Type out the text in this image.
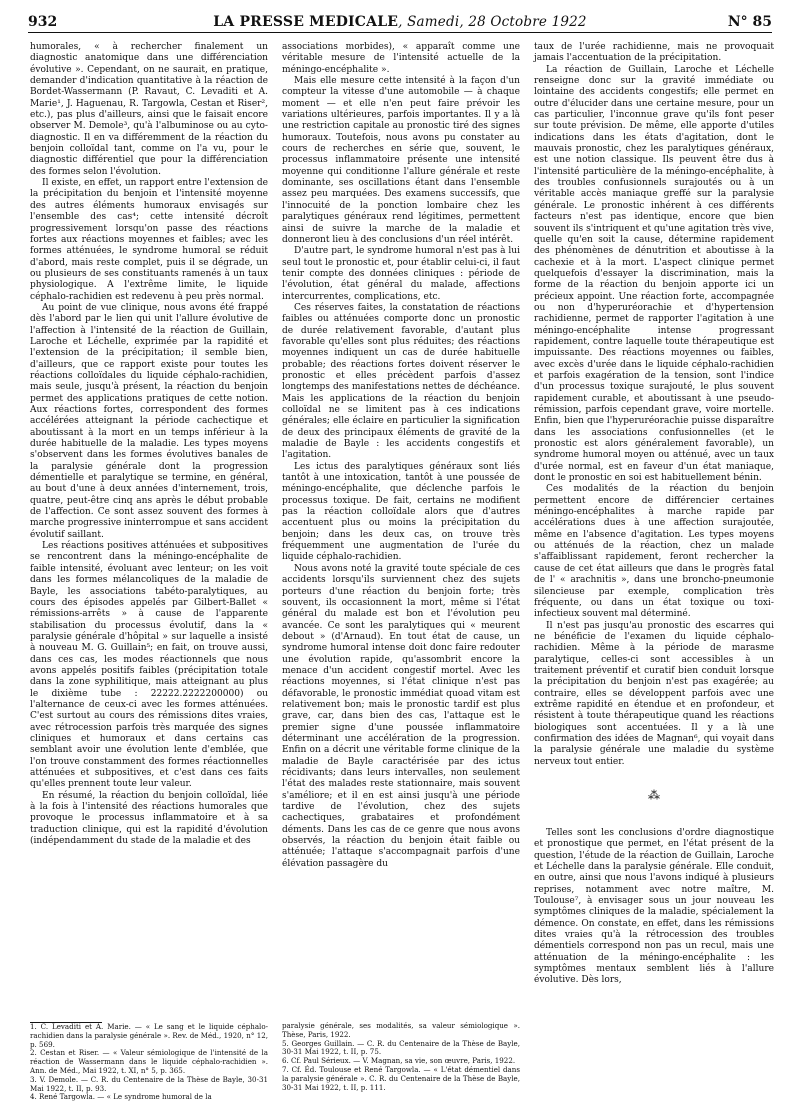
932	LA PRESSE MEDICALE, Samedi, 28 Octobre 1922	N° 85

humorales, « à rechercher finalement un diagnostic anatomique dans une différenciation évolutive ». Cependant, on ne saurait, en pratique, demander d'indication quantitative à la réaction de Bordet-Wassermann (P. Ravaut, C. Levaditi et A. Marie¹, J. Haguenau, R. Targowla, Cestan et Riser², etc.), pas plus d'ailleurs, ainsi que le faisait encore observer M. Demole³, qu'à l'albuminose ou au cyto-diagnostic. Il en va différemment de la réaction du benjoin colloïdal tant, comme on l'a vu, pour le diagnostic différentiel que pour la différenciation des formes selon l'évolution.

Il existe, en effet, un rapport entre l'extension de la précipitation du benjoin et l'intensité moyenne des autres éléments humoraux envisagés sur l'ensemble des cas⁴; cette intensité décroît progressivement lorsqu'on passe des réactions fortes aux réactions moyennes et faibles; avec les formes atténuées, le syndrome humoral se réduit d'abord, mais reste complet, puis il se dégrade, un ou plusieurs de ses constituants ramenés à un taux physiologique. A l'extrême limite, le liquide céphalo-rachidien est redevenu à peu près normal.

Au point de vue clinique, nous avons été frappé dès l'abord par le lien qui unit l'allure évolutive de l'affection à l'intensité de la réaction de Guillain, Laroche et Léchelle, exprimée par la rapidité et l'extension de la précipitation; il semble bien, d'ailleurs, que ce rapport existe pour toutes les réactions colloïdales du liquide céphalo-rachidien, mais seule, jusqu'à présent, la réaction du benjoin permet des applications pratiques de cette notion. Aux réactions fortes, correspondent des formes accélérées atteignant la période cachectique et aboutissant à la mort en un temps inférieur à la durée habituelle de la maladie. Les types moyens s'observent dans les formes évolutives banales de la paralysie générale dont la progression démentielle et paralytique se termine, en général, au bout d'une à deux années d'internement, trois, quatre, peut-être cinq ans après le début probable de l'affection. Ce sont assez souvent des formes à marche progressive ininterrompue et sans accident évolutif saillant.

Les réactions positives atténuées et subpositives se rencontrent dans la méningo-encéphalite de faible intensité, évoluant avec lenteur; on les voit dans les formes mélancoliques de la maladie de Bayle, les associations tabéto-paralytiques, au cours des épisodes appelés par Gilbert-Ballet « rémissions-arrêts » à cause de l'apparente stabilisation du processus évolutif, dans la « paralysie générale d'hôpital » sur laquelle a insisté à nouveau M. G. Guillain⁵; en fait, on trouve aussi, dans ces cas, les modes réactionnels que nous avons appelés positifs faibles (précipitation totale dans la zone syphilitique, mais atteignant au plus le dixième tube : 22222.2222200000) ou l'alternance de ceux-ci avec les formes atténuées. C'est surtout au cours des rémissions dites vraies, avec rétrocession parfois très marquée des signes cliniques et humoraux et dans certains cas semblant avoir une évolution lente d'emblée, que l'on trouve constamment des formes réactionnelles atténuées et subpositives, et c'est dans ces faits qu'elles prennent toute leur valeur.

En résumé, la réaction du benjoin colloïdal, liée à la fois à l'intensité des réactions humorales que provoque le processus inflammatoire et à sa traduction clinique, qui est la rapidité d'évolution (indépendamment du stade de la maladie et des

associations morbides), « apparaît comme une véritable mesure de l'intensité actuelle de la méningo-encéphalite ».

Mais elle mesure cette intensité à la façon d'un compteur la vitesse d'une automobile — à chaque moment — et elle n'en peut faire prévoir les variations ultérieures, parfois importantes. Il y a là une restriction capitale au pronostic tiré des signes humoraux. Toutefois, nous avons pu constater au cours de recherches en série que, souvent, le processus inflammatoire présente une intensité moyenne qui conditionne l'allure générale et reste dominante, ses oscillations étant dans l'ensemble assez peu marquées. Des examens successifs, que l'innocuité de la ponction lombaire chez les paralytiques généraux rend légitimes, permettent ainsi de suivre la marche de la maladie et donneront lieu à des conclusions d'un réel intérêt.

D'autre part, le syndrome humoral n'est pas à lui seul tout le pronostic et, pour établir celui-ci, il faut tenir compte des données cliniques : période de l'évolution, état général du malade, affections intercurrentes, complications, etc.

Ces réserves faites, la constatation de réactions faibles ou atténuées comporte donc un pronostic de durée relativement favorable, d'autant plus favorable qu'elles sont plus réduites; des réactions moyennes indiquent un cas de durée habituelle probable; des réactions fortes doivent réserver le pronostic et elles précèdent parfois d'assez longtemps des manifestations nettes de déchéance. Mais les applications de la réaction du benjoin colloïdal ne se limitent pas à ces indications générales; elle éclaire en particulier la signification de deux des principaux éléments de gravité de la maladie de Bayle : les accidents congestifs et l'agitation.

Les ictus des paralytiques généraux sont liés tantôt à une intoxication, tantôt à une poussée de méningo-encéphalite, que déclenche parfois le processus toxique. De fait, certains ne modifient pas la réaction colloïdale alors que d'autres accentuent plus ou moins la précipitation du benjoin; dans les deux cas, on trouve très fréquemment une augmentation de l'urée du liquide céphalo-rachidien.

Nous avons noté la gravité toute spéciale de ces accidents lorsqu'ils surviennent chez des sujets porteurs d'une réaction du benjoin forte; très souvent, ils occasionnent la mort, même si l'état général du malade est bon et l'évolution peu avancée. Ce sont les paralytiques qui « meurent debout » (d'Arnaud). En tout état de cause, un syndrome humoral intense doit donc faire redouter une évolution rapide, qu'assombrit encore la menace d'un accident congestif mortel. Avec les réactions moyennes, si l'état clinique n'est pas défavorable, le pronostic immédiat quoad vitam est relativement bon; mais le pronostic tardif est plus grave, car, dans bien des cas, l'attaque est le premier signe d'une poussée inflammatoire déterminant une accélération de la progression. Enfin on a décrit une véritable forme clinique de la maladie de Bayle caractérisée par des ictus récidivants; dans leurs intervalles, non seulement l'état des malades reste stationnaire, mais souvent s'améliore; et il en est ainsi jusqu'à une période tardive de l'évolution, chez des sujets cachectiques, grabataires et profondément déments. Dans les cas de ce genre que nous avons observés, la réaction du benjoin était faible ou atténuée; l'attaque s'accompagnait parfois d'une élévation passagère du

taux de l'urée rachidienne, mais ne provoquait jamais l'accentuation de la précipitation.

La réaction de Guillain, Laroche et Léchelle renseigne donc sur la gravité immédiate ou lointaine des accidents congestifs; elle permet en outre d'élucider dans une certaine mesure, pour un cas particulier, l'inconnue grave qu'ils font peser sur toute prévision. De même, elle apporte d'utiles indications dans les états d'agitation, dont le mauvais pronostic, chez les paralytiques généraux, est une notion classique. Ils peuvent être dus à l'intensité particulière de la méningo-encéphalite, à des troubles confusionnels surajoutés ou à un véritable accès maniaque greffé sur la paralysie générale. Le pronostic inhérent à ces différents facteurs n'est pas identique, encore que bien souvent ils s'intriquent et qu'une agitation très vive, quelle qu'en soit la cause, détermine rapidement des phénomènes de dénutrition et aboutisse à la cachexie et à la mort. L'aspect clinique permet quelquefois d'essayer la discrimination, mais la forme de la réaction du benjoin apporte ici un précieux appoint. Une réaction forte, accompagnée ou non d'hyperuréorachie et d'hypertension rachidienne, permet de rapporter l'agitation à une méningo-encéphalite intense progressant rapidement, contre laquelle toute thérapeutique est impuissante. Des réactions moyennes ou faibles, avec excès d'urée dans le liquide céphalo-rachidien et parfois exagération de la tension, sont l'indice d'un processus toxique surajouté, le plus souvent rapidement curable, et aboutissant à une pseudo-rémission, parfois cependant grave, voire mortelle. Enfin, bien que l'hyperuréorachie puisse disparaître dans les associations confusionnelles (et le pronostic est alors généralement favorable), un syndrome humoral moyen ou atténué, avec un taux d'urée normal, est en faveur d'un état maniaque, dont le pronostic en soi est habituellement bénin.

Ces modalités de la réaction du benjoin permettent encore de différencier certaines méningo-encéphalites à marche rapide par accélérations dues à une affection surajoutée, même en l'absence d'agitation. Les types moyens ou atténués de la réaction, chez un malade s'affaiblissant rapidement, feront rechercher la cause de cet état ailleurs que dans le progrès fatal de l' « arachnitis », dans une broncho-pneumonie silencieuse par exemple, complication très fréquente, ou dans un état toxique ou toxi-infectieux souvent mal déterminé.

Il n'est pas jusqu'au pronostic des escarres qui ne bénéficie de l'examen du liquide céphalo-rachidien. Même à la période de marasme paralytique, celles-ci sont accessibles à un traitement préventif et curatif bien conduit lorsque la précipitation du benjoin n'est pas exagérée; au contraire, elles se développent parfois avec une extrême rapidité en étendue et en profondeur, et résistent à toute thérapeutique quand les réactions biologiques sont accentuées. Il y a là une confirmation des idées de Magnan⁶, qui voyait dans la paralysie générale une maladie du système nerveux tout entier.

⁂

Telles sont les conclusions d'ordre diagnostique et pronostique que permet, en l'état présent de la question, l'étude de la réaction de Guillain, Laroche et Léchelle dans la paralysie générale. Elle conduit, en outre, ainsi que nous l'avons indiqué à plusieurs reprises, notamment avec notre maître, M. Toulouse⁷, à envisager sous un jour nouveau les symptômes cliniques de la maladie, spécialement la démence. On constate, en effet, dans les rémissions dites vraies qu'à la rétrocession des troubles démentiels correspond non pas un recul, mais une atténuation de la méningo-encéphalite : les symptômes mentaux semblent liés à l'allure évolutive. Dès lors,

1. C. Levaditi et A. Marie. — « Le sang et le liquide céphalo-rachidien dans la paralysie générale ». Rev. de Méd., 1920, n° 12, p. 569.
2. Cestan et Riser. — « Valeur sémiologique de l'intensité de la réaction de Wassermann dans le liquide céphalo-rachidien ». Ann. de Méd., Mai 1922, t. XI, n° 5, p. 365.
3. V. Demole. — C. R. du Centenaire de la Thèse de Bayle, 30-31 Mai 1922, t. II, p. 93.
4. René Targowla. — « Le syndrome humoral de la
paralysie générale, ses modalités, sa valeur sémiologique ». Thèse, Paris, 1922.
5. Georges Guillain. — C. R. du Centenaire de la Thèse de Bayle, 30-31 Mai 1922, t. II, p. 75.
6. Cf. Paul Sérieux. — V. Magnan, sa vie, son œuvre, Paris, 1922.
7. Cf. Éd. Toulouse et René Targowla. — « L'état démentiel dans la paralysie générale ». C. R. du Centenaire de la Thèse de Bayle, 30-31 Mai 1922, t. II, p. 111.
